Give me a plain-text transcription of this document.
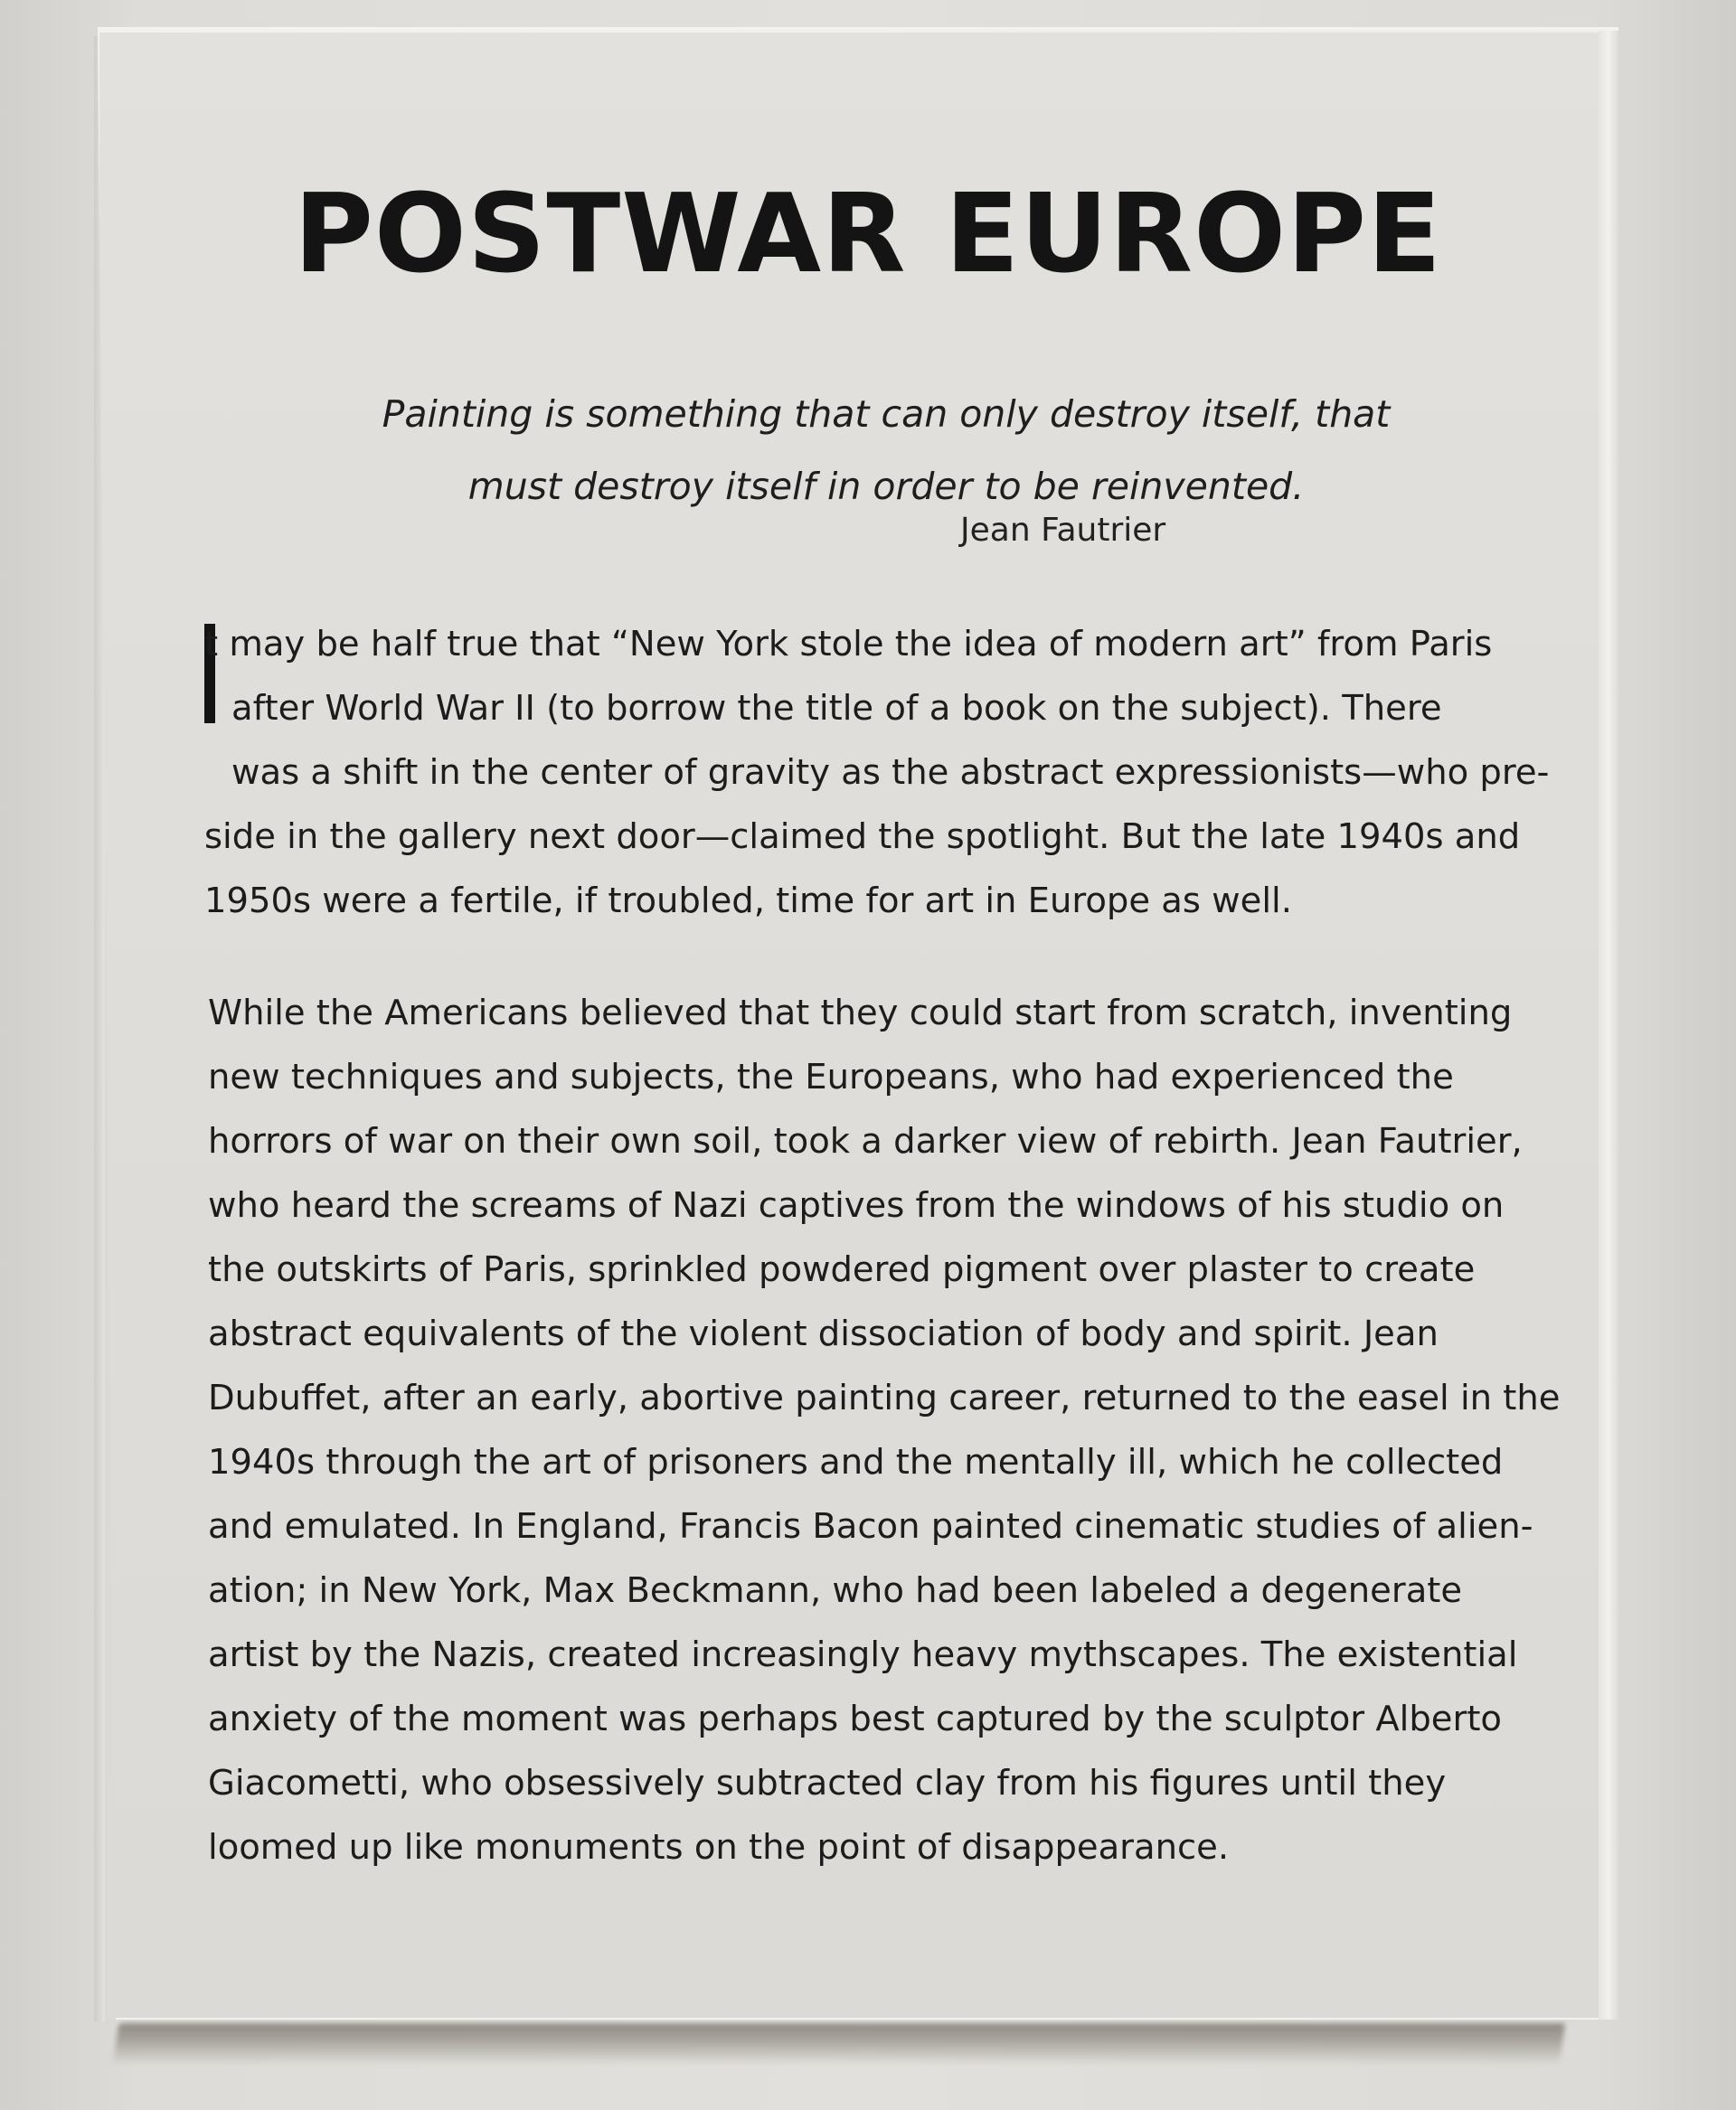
POSTWAR EUROPE

Painting is something that can only destroy itself, that
must destroy itself in order to be reinvented.

Jean Fautrier

t may be half true that “New York stole the idea of modern art” from Paris
after World War II (to borrow the title of a book on the subject). There
was a shift in the center of gravity as the abstract expressionists—who pre-
side in the gallery next door—claimed the spotlight. But the late 1940s and
1950s were a fertile, if troubled, time for art in Europe as well.

While the Americans believed that they could start from scratch, inventing
new techniques and subjects, the Europeans, who had experienced the
horrors of war on their own soil, took a darker view of rebirth. Jean Fautrier,
who heard the screams of Nazi captives from the windows of his studio on
the outskirts of Paris, sprinkled powdered pigment over plaster to create
abstract equivalents of the violent dissociation of body and spirit. Jean
Dubuffet, after an early, abortive painting career, returned to the easel in the
1940s through the art of prisoners and the mentally ill, which he collected
and emulated. In England, Francis Bacon painted cinematic studies of alien-
ation; in New York, Max Beckmann, who had been labeled a degenerate
artist by the Nazis, created increasingly heavy mythscapes. The existential
anxiety of the moment was perhaps best captured by the sculptor Alberto
Giacometti, who obsessively subtracted clay from his figures until they
loomed up like monuments on the point of disappearance.
